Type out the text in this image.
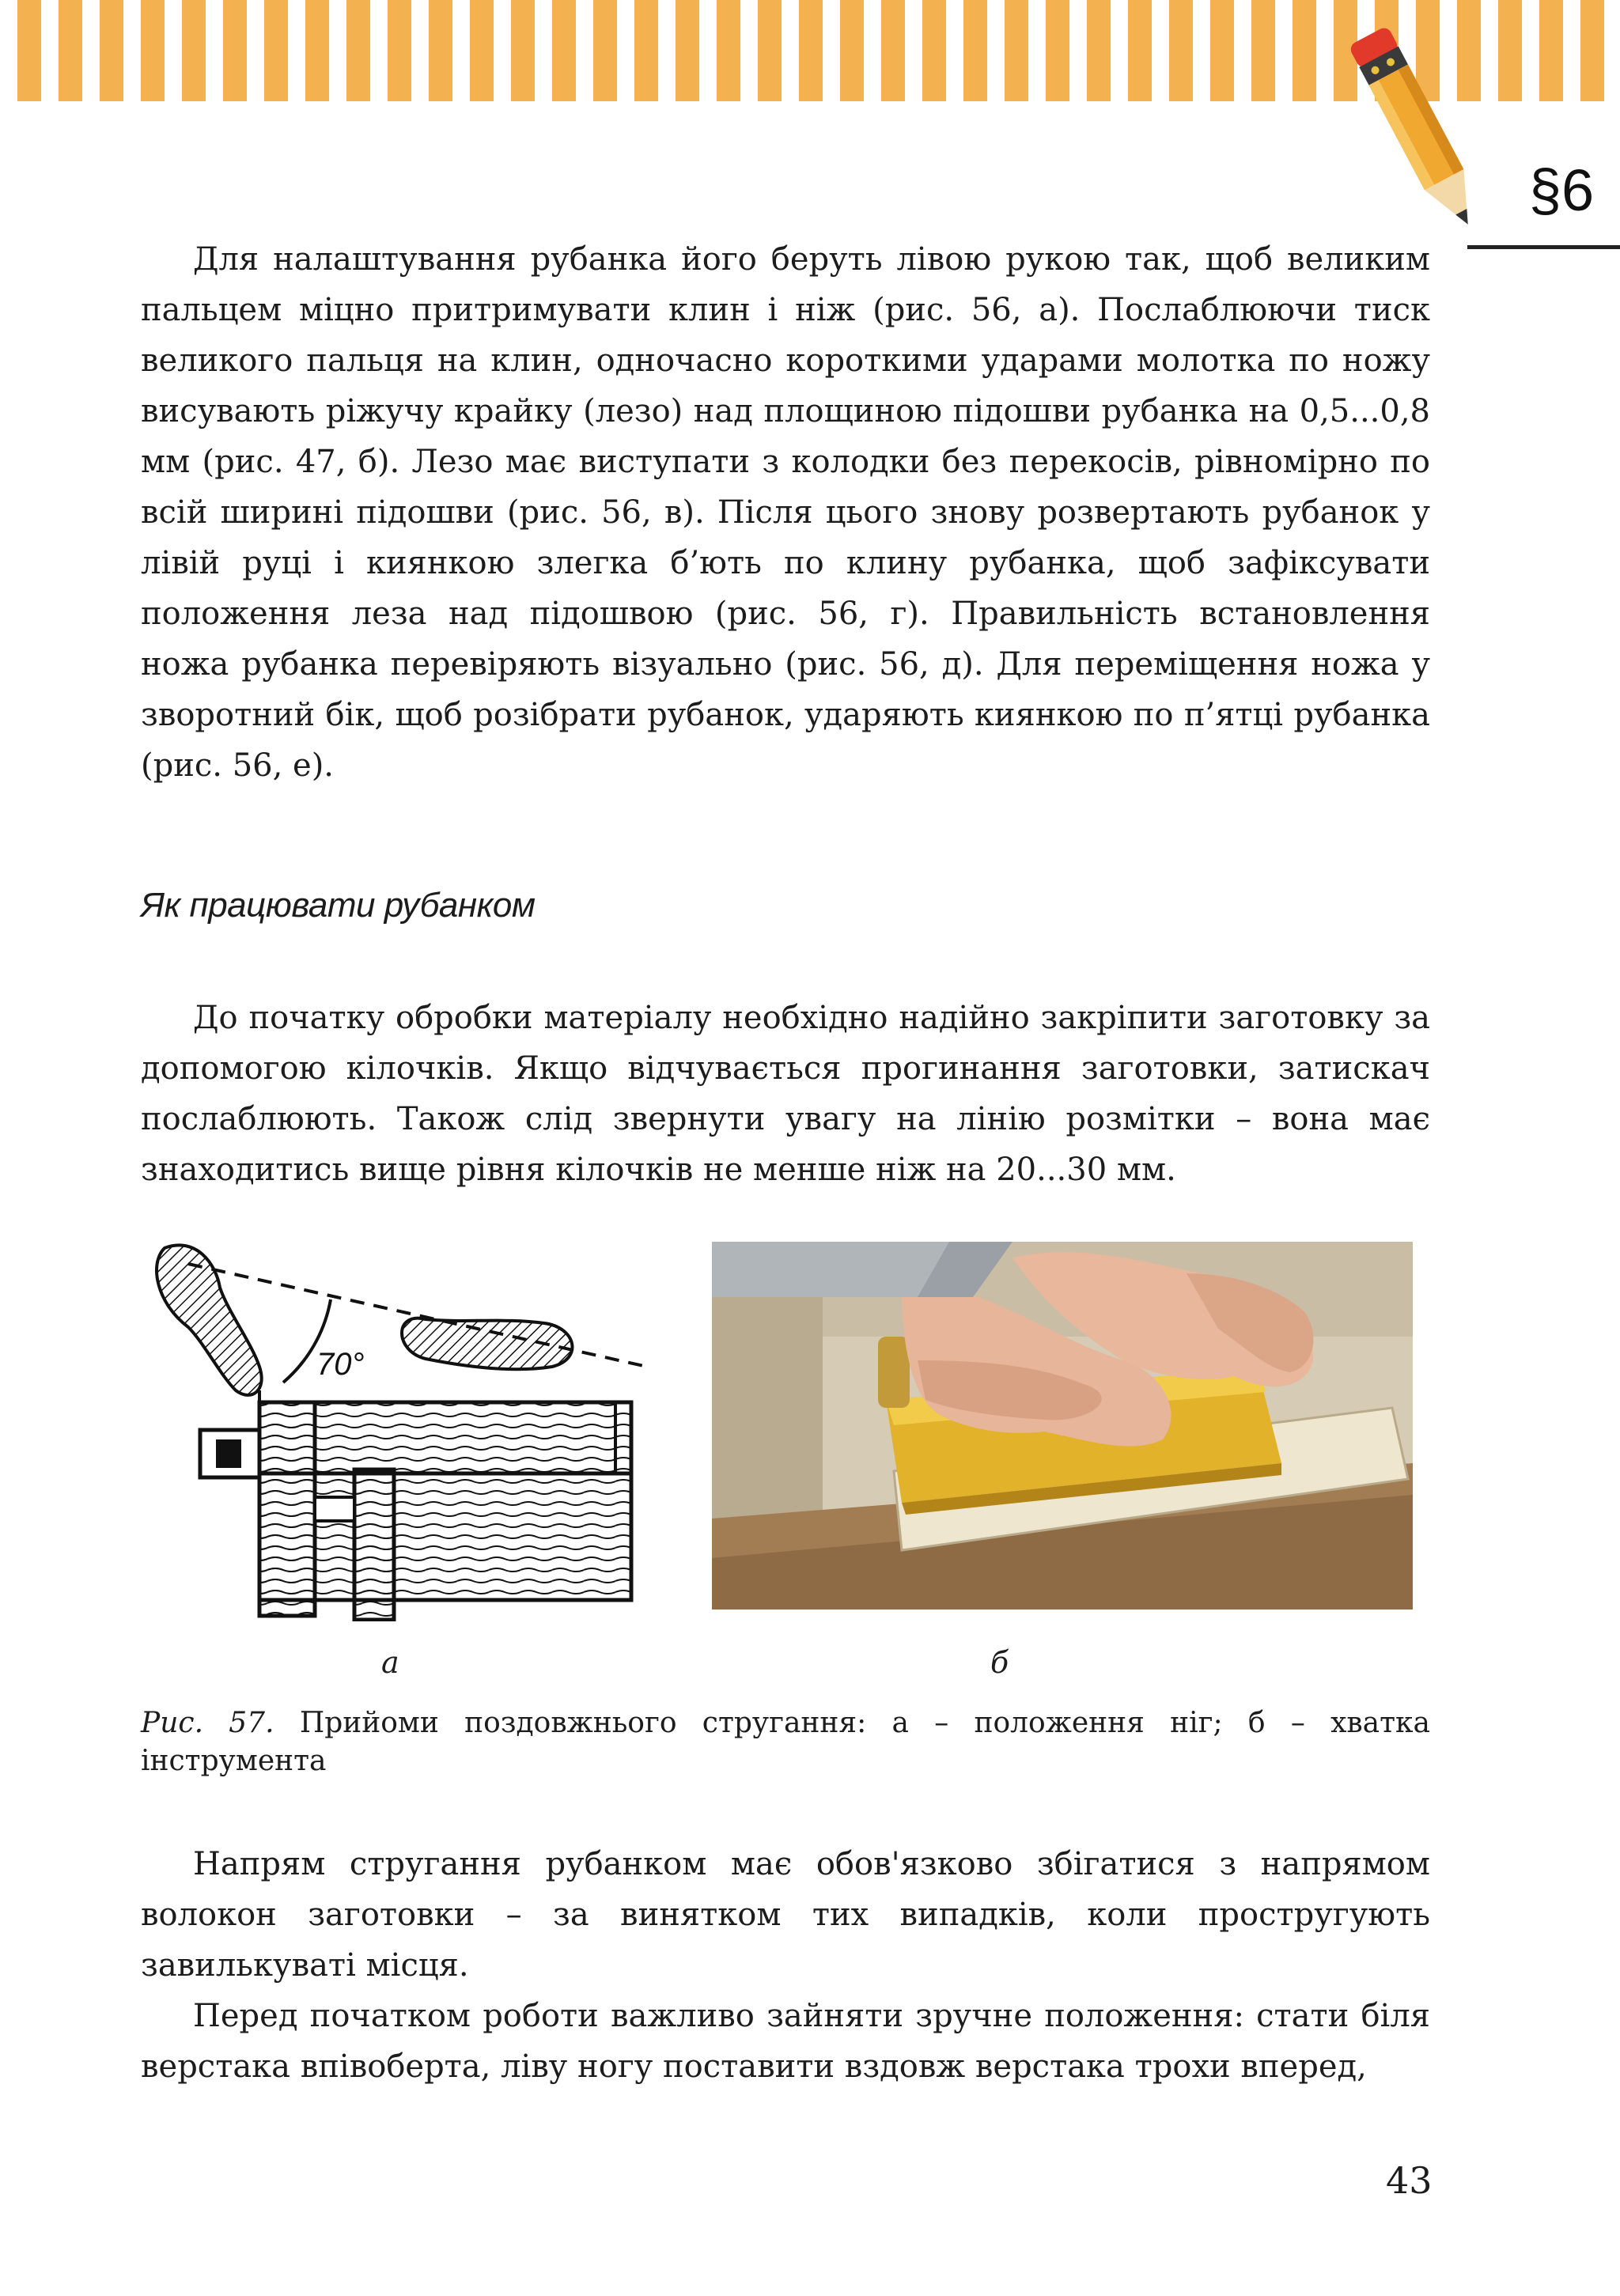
§6

Для налаштування рубанка його беруть лівою рукою так, щоб великим пальцем міцно притримувати клин і ніж (рис. 56, а). Послаблюючи тиск великого пальця на клин, одночасно короткими ударами молотка по ножу висувають ріжучу крайку (лезо) над площиною підошви рубанка на 0,5...0,8 мм (рис. 47, б). Лезо має виступати з колодки без перекосів, рівномірно по всій ширині підошви (рис. 56, в). Після цього знову розвертають рубанок у лівій руці і киянкою злегка б’ють по клину рубанка, щоб зафіксувати положення леза над підошвою (рис. 56, г). Правильність встановлення ножа рубанка перевіряють візуально (рис. 56, д). Для переміщення ножа у зворотний бік, щоб розібрати рубанок, ударяють киянкою по п’ятці рубанка (рис. 56, е).

Як працювати рубанком

До початку обробки матеріалу необхідно надійно закріпити заготовку за допомогою кілочків. Якщо відчувається прогинання заготовки, затискач послаблюють. Також слід звернути увагу на лінію розмітки – вона має знаходитись вище рівня кілочків не менше ніж на 20...30 мм.

70°
а	б

Рис. 57. Прийоми поздовжнього стругання: а – положення ніг; б – хватка інструмента

Напрям стругання рубанком має обов'язково збігатися з напрямом волокон заготовки – за винятком тих випадків, коли простругують завилькуваті місця.

Перед початком роботи важливо зайняти зручне положення: стати біля верстака впівоберта, ліву ногу поставити вздовж верстака трохи вперед,

43
